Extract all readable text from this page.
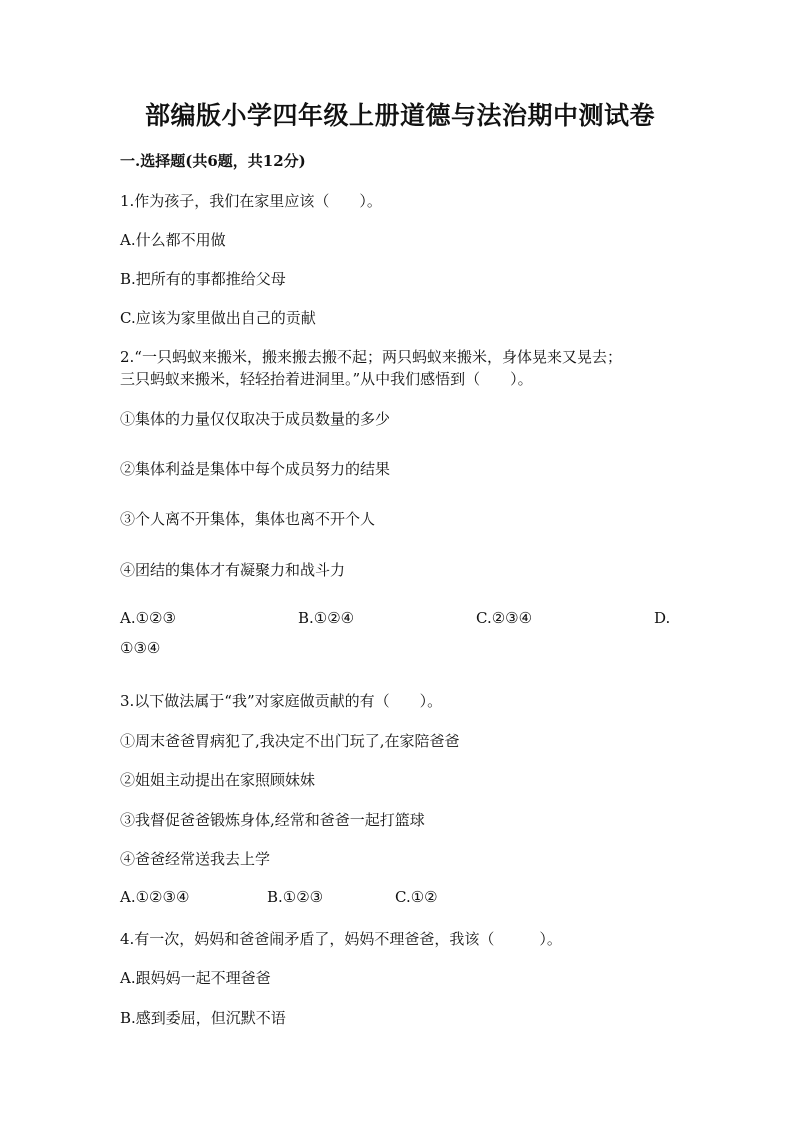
部编版小学四年级上册道德与法治期中测试卷
一.选择题(共6题，共12分)
1.作为孩子，我们在家里应该（　　）。
A.什么都不用做
B.把所有的事都推给父母
C.应该为家里做出自己的贡献
2.“一只蚂蚁来搬米，搬来搬去搬不起；两只蚂蚁来搬米，身体晃来又晃去；
三只蚂蚁来搬米，轻轻抬着进洞里。”从中我们感悟到（　　）。
①集体的力量仅仅取决于成员数量的多少
②集体利益是集体中每个成员努力的结果
③个人离不开集体，集体也离不开个人
④团结的集体才有凝聚力和战斗力
A.①②③	B.①②④	C.②③④	D.
①③④
3.以下做法属于“我”对家庭做贡献的有（　　）。
①周末爸爸胃病犯了,我决定不出门玩了,在家陪爸爸
②姐姐主动提出在家照顾妹妹
③我督促爸爸锻炼身体,经常和爸爸一起打篮球
④爸爸经常送我去上学
A.①②③④	B.①②③	C.①②
4.有一次，妈妈和爸爸闹矛盾了，妈妈不理爸爸，我该（　　　）。
A.跟妈妈一起不理爸爸
B.感到委屈，但沉默不语
